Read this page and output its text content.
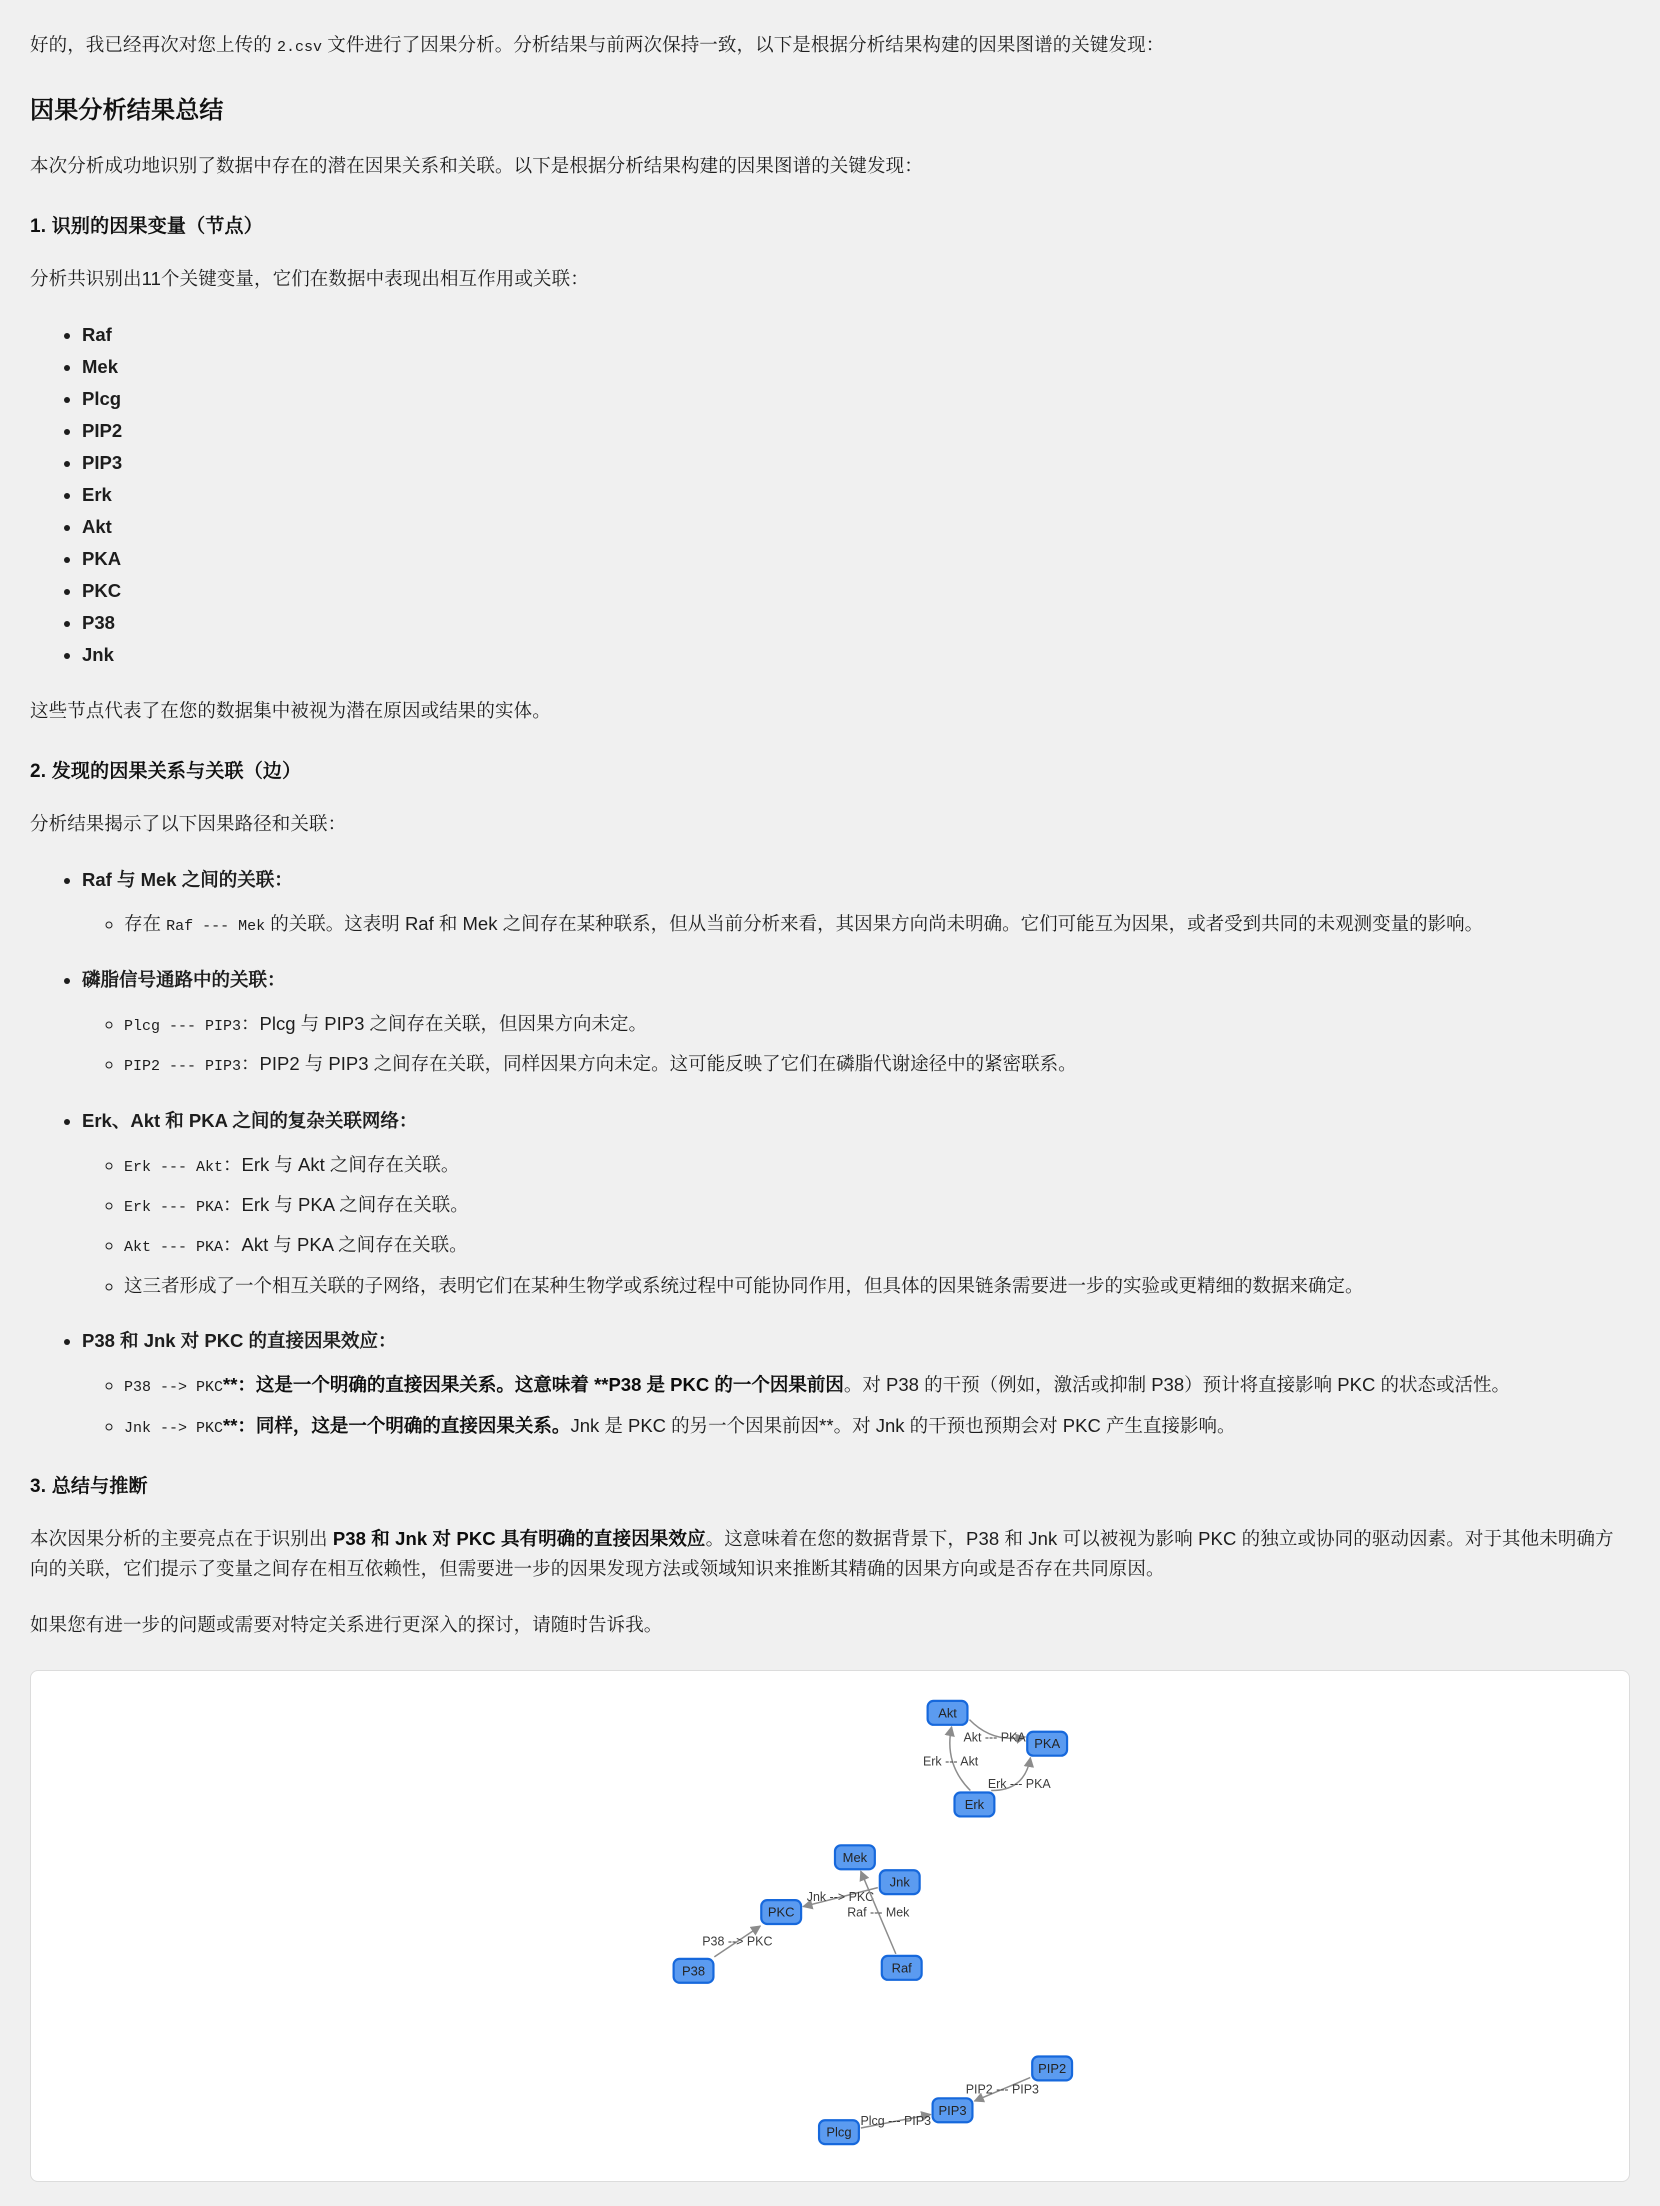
好的，我已经再次对您上传的 2.csv 文件进行了因果分析。分析结果与前两次保持一致，以下是根据分析结果构建的因果图谱的关键发现：

因果分析结果总结

本次分析成功地识别了数据中存在的潜在因果关系和关联。以下是根据分析结果构建的因果图谱的关键发现：

1. 识别的因果变量（节点）

分析共识别出11个关键变量，它们在数据中表现出相互作用或关联：

• Raf
• Mek
• Plcg
• PIP2
• PIP3
• Erk
• Akt
• PKA
• PKC
• P38
• Jnk

这些节点代表了在您的数据集中被视为潜在原因或结果的实体。

2. 发现的因果关系与关联（边）

分析结果揭示了以下因果路径和关联：

• Raf 与 Mek 之间的关联：
◦ 存在 Raf --- Mek 的关联。这表明 Raf 和 Mek 之间存在某种联系，但从当前分析来看，其因果方向尚未明确。它们可能互为因果，或者受到共同的未观测变量的影响。
• 磷脂信号通路中的关联：
◦ Plcg --- PIP3：Plcg 与 PIP3 之间存在关联，但因果方向未定。
◦ PIP2 --- PIP3：PIP2 与 PIP3 之间存在关联，同样因果方向未定。这可能反映了它们在磷脂代谢途径中的紧密联系。
• Erk、Akt 和 PKA 之间的复杂关联网络：
◦ Erk --- Akt：Erk 与 Akt 之间存在关联。
◦ Erk --- PKA：Erk 与 PKA 之间存在关联。
◦ Akt --- PKA：Akt 与 PKA 之间存在关联。
◦ 这三者形成了一个相互关联的子网络，表明它们在某种生物学或系统过程中可能协同作用，但具体的因果链条需要进一步的实验或更精细的数据来确定。
• P38 和 Jnk 对 PKC 的直接因果效应：
◦ P38 --> PKC**：这是一个明确的直接因果关系。这意味着 **P38 是 PKC 的一个因果前因。对 P38 的干预（例如，激活或抑制 P38）预计将直接影响 PKC 的状态或活性。
◦ Jnk --> PKC**：同样，这是一个明确的直接因果关系。Jnk 是 PKC 的另一个因果前因**。对 Jnk 的干预也预期会对 PKC 产生直接影响。
3. 总结与推断

本次因果分析的主要亮点在于识别出 P38 和 Jnk 对 PKC 具有明确的直接因果效应。这意味着在您的数据背景下，P38 和 Jnk 可以被视为影响 PKC 的独立或协同的驱动因素。对于其他未明确方向的关联，它们提示了变量之间存在相互依赖性，但需要进一步的因果发现方法或领域知识来推断其精确的因果方向或是否存在共同原因。

如果您有进一步的问题或需要对特定关系进行更深入的探讨，请随时告诉我。

Akt --- PKA
Erk --- Akt
Erk --- PKA
Jnk --> PKC
P38 --> PKC
Raf --- Mek
Plcg --- PIP3
PIP2 --- PIP3
Akt
PKA
Erk
Mek
Jnk
PKC
P38	Raf
PIP2
PIP3
Plcg
